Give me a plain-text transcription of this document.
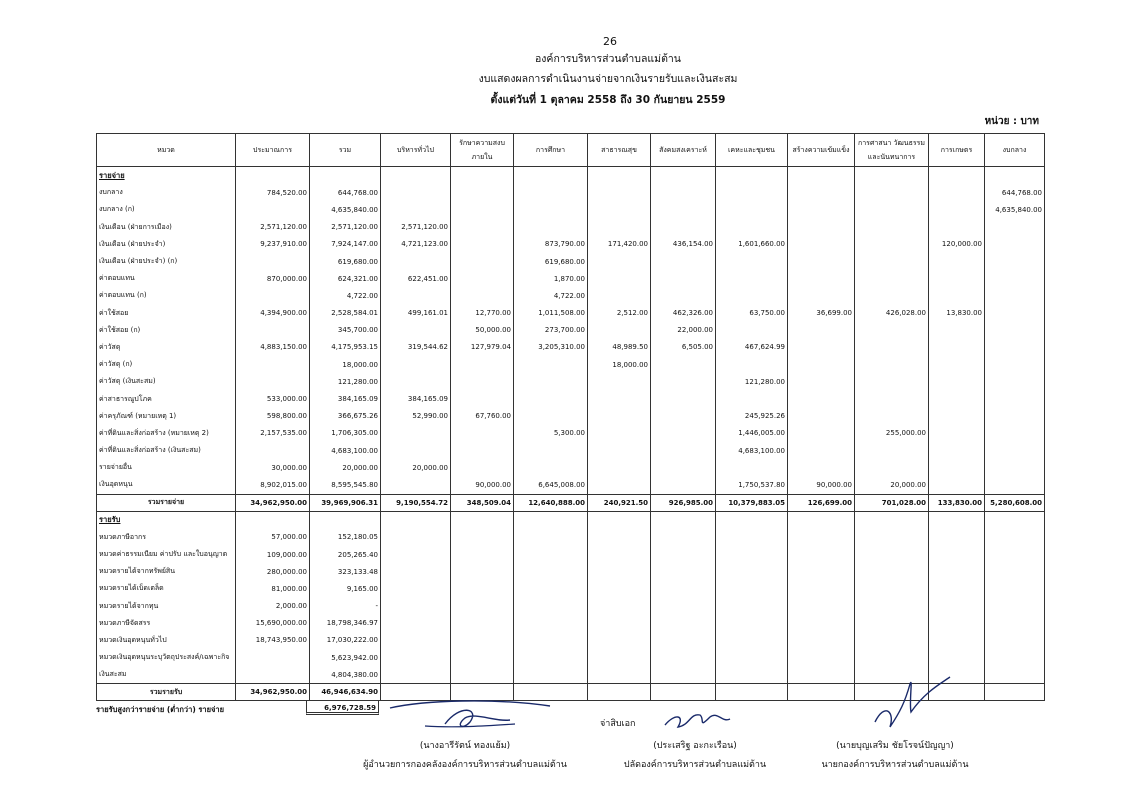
26
องค์การบริหารส่วนตำบลแม่ต้าน
งบแสดงผลการดำเนินงานจ่ายจากเงินรายรับและเงินสะสม
ตั้งแต่วันที่ 1 ตุลาคม 2558 ถึง 30 กันยายน 2559
หน่วย : บาท
หมวด	ประมาณการ	รวม	บริหารทั่วไป	รักษาความสงบภายใน	การศึกษา	สาธารณสุข	สังคมสงเคราะห์	เคหะและชุมชน	สร้างความเข้มแข็ง	การศาสนา วัฒนธรรมและนันทนาการ	การเกษตร	งบกลาง
รายจ่าย												
งบกลาง	784,520.00	644,768.00										644,768.00
งบกลาง (ก)		4,635,840.00										4,635,840.00
เงินเดือน (ฝ่ายการเมือง)	2,571,120.00	2,571,120.00	2,571,120.00									
เงินเดือน (ฝ่ายประจำ)	9,237,910.00	7,924,147.00	4,721,123.00		873,790.00	171,420.00	436,154.00	1,601,660.00			120,000.00	
เงินเดือน (ฝ่ายประจำ) (ก)		619,680.00			619,680.00							
ค่าตอบแทน	870,000.00	624,321.00	622,451.00		1,870.00							
ค่าตอบแทน (ก)		4,722.00			4,722.00							
ค่าใช้สอย	4,394,900.00	2,528,584.01	499,161.01	12,770.00	1,011,508.00	2,512.00	462,326.00	63,750.00	36,699.00	426,028.00	13,830.00	
ค่าใช้สอย (ก)		345,700.00		50,000.00	273,700.00		22,000.00					
ค่าวัสดุ	4,883,150.00	4,175,953.15	319,544.62	127,979.04	3,205,310.00	48,989.50	6,505.00	467,624.99				
ค่าวัสดุ (ก)		18,000.00				18,000.00						
ค่าวัสดุ (เงินสะสม)		121,280.00						121,280.00				
ค่าสาธารณูปโภค	533,000.00	384,165.09	384,165.09									
ค่าครุภัณฑ์ (หมายเหตุ 1)	598,800.00	366,675.26	52,990.00	67,760.00				245,925.26				
ค่าที่ดินและสิ่งก่อสร้าง (หมายเหตุ 2)	2,157,535.00	1,706,305.00			5,300.00			1,446,005.00		255,000.00		
ค่าที่ดินและสิ่งก่อสร้าง (เงินสะสม)		4,683,100.00						4,683,100.00				
รายจ่ายอื่น	30,000.00	20,000.00	20,000.00									
เงินอุดหนุน	8,902,015.00	8,595,545.80		90,000.00	6,645,008.00			1,750,537.80	90,000.00	20,000.00		
รวมรายจ่าย	34,962,950.00	39,969,906.31	9,190,554.72	348,509.04	12,640,888.00	240,921.50	926,985.00	10,379,883.05	126,699.00	701,028.00	133,830.00	5,280,608.00
รายรับ												
หมวดภาษีอากร	57,000.00	152,180.05										
หมวดค่าธรรมเนียม ค่าปรับ และใบอนุญาต	109,000.00	205,265.40										
หมวดรายได้จากทรัพย์สิน	280,000.00	323,133.48										
หมวดรายได้เบ็ดเตล็ด	81,000.00	9,165.00										
หมวดรายได้จากทุน	2,000.00	-										
หมวดภาษีจัดสรร	15,690,000.00	18,798,346.97										
หมวดเงินอุดหนุนทั่วไป	18,743,950.00	17,030,222.00										
หมวดเงินอุดหนุนระบุวัตถุประสงค์/เฉพาะกิจ		5,623,942.00										
เงินสะสม		4,804,380.00										
รวมรายรับ	34,962,950.00	46,946,634.90										
รายรับสูงกว่ารายจ่าย (ต่ำกว่า) รายจ่าย	6,976,728.59
จ่าสิบเอก
(นางอารีรัตน์ ทองแย้ม)
ผู้อำนวยการกองคลังองค์การบริหารส่วนตำบลแม่ต้าน
(ประเสริฐ อะกะเรือน)
ปลัดองค์การบริหารส่วนตำบลแม่ต้าน
(นายบุญเสริม ชัยโรจน์ปัญญา)
นายกองค์การบริหารส่วนตำบลแม่ต้าน
